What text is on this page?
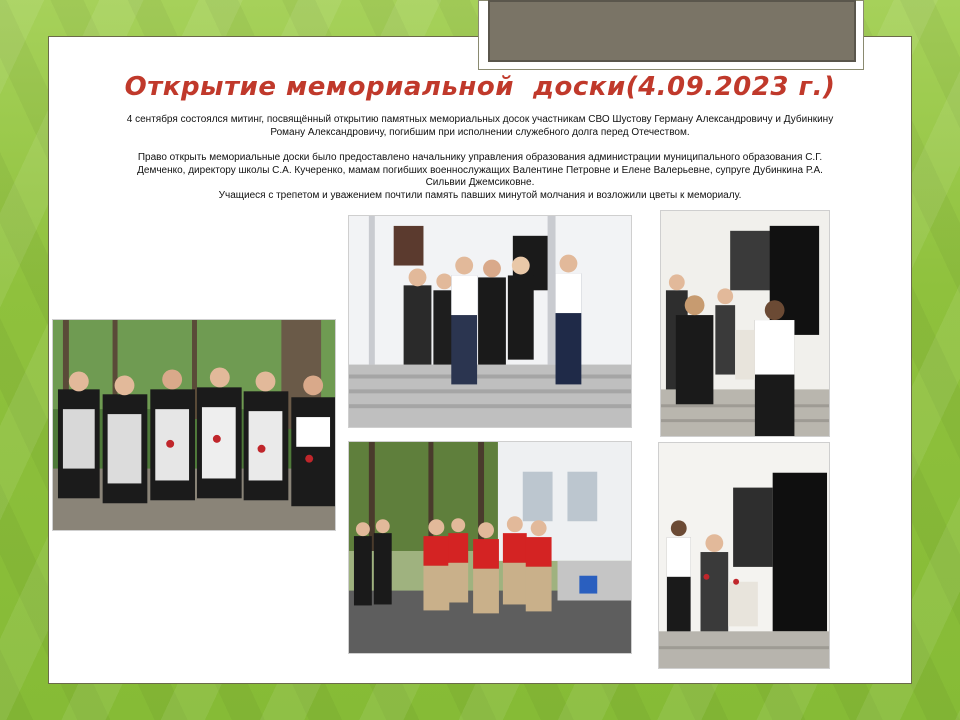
Открытие мемориальной  доски(4.09.2023 г.)
4 сентября состоялся митинг, посвящённый открытию памятных мемориальных досок участникам СВО Шустову Герману Александровичу и Дубинкину Роману Александровичу, погибшим при исполнении служебного долга перед Отечеством.
Право открыть мемориальные доски было предоставлено начальнику управления образования администрации муниципального образования С.Г. Демченко, директору школы С.А. Кучеренко, мамам погибших военнослужащих Валентине Петровне и Елене Валерьевне, супруге Дубинкина Р.А. Сильвии Джемсиковне.
Учащиеся с трепетом и уважением почтили память павших минутой молчания и возложили цветы к мемориалу.
